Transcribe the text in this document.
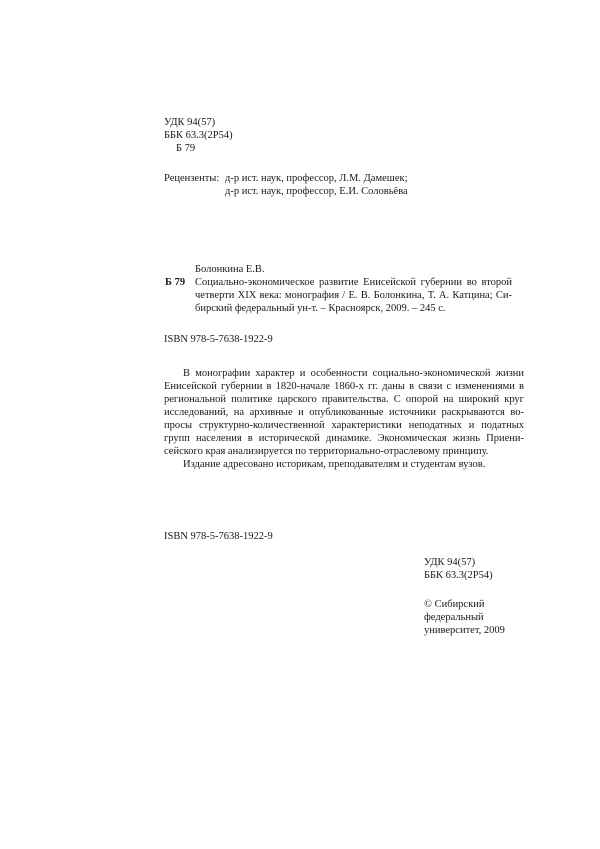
УДК 94(57)
ББК 63.3(2Р54)
Б 79
Рецензенты: д-р ист. наук, профессор, Л.М. Дамешек;
д-р ист. наук, профессор, Е.И. Соловьёва
Болонкина Е.В.
Б 79 Социально-экономическое развитие Енисейской губернии во второй
четверти XIX века: монография / Е. В. Болонкина, Т. А. Катцина; Си-
бирский федеральный ун-т. – Красноярск, 2009. – 245 с.
ISBN 978-5-7638-1922-9
В монографии характер и особенности социально-экономической жизни
Енисейской губернии в 1820-начале 1860-х гг. даны в связи с изменениями в
региональной политике царского правительства. С опорой на широкий круг
исследований, на архивные и опубликованные источники раскрываются во-
просы структурно-количественной характеристики неподатных и податных
групп населения в исторической динамике. Экономическая жизнь Приени-
сейского края анализируется по территориально-отраслевому принципу.
Издание адресовано историкам, преподавателям и студентам вузов.
ISBN 978-5-7638-1922-9
УДК 94(57)
ББК 63.3(2Р54)
© Сибирский
федеральный
университет, 2009
